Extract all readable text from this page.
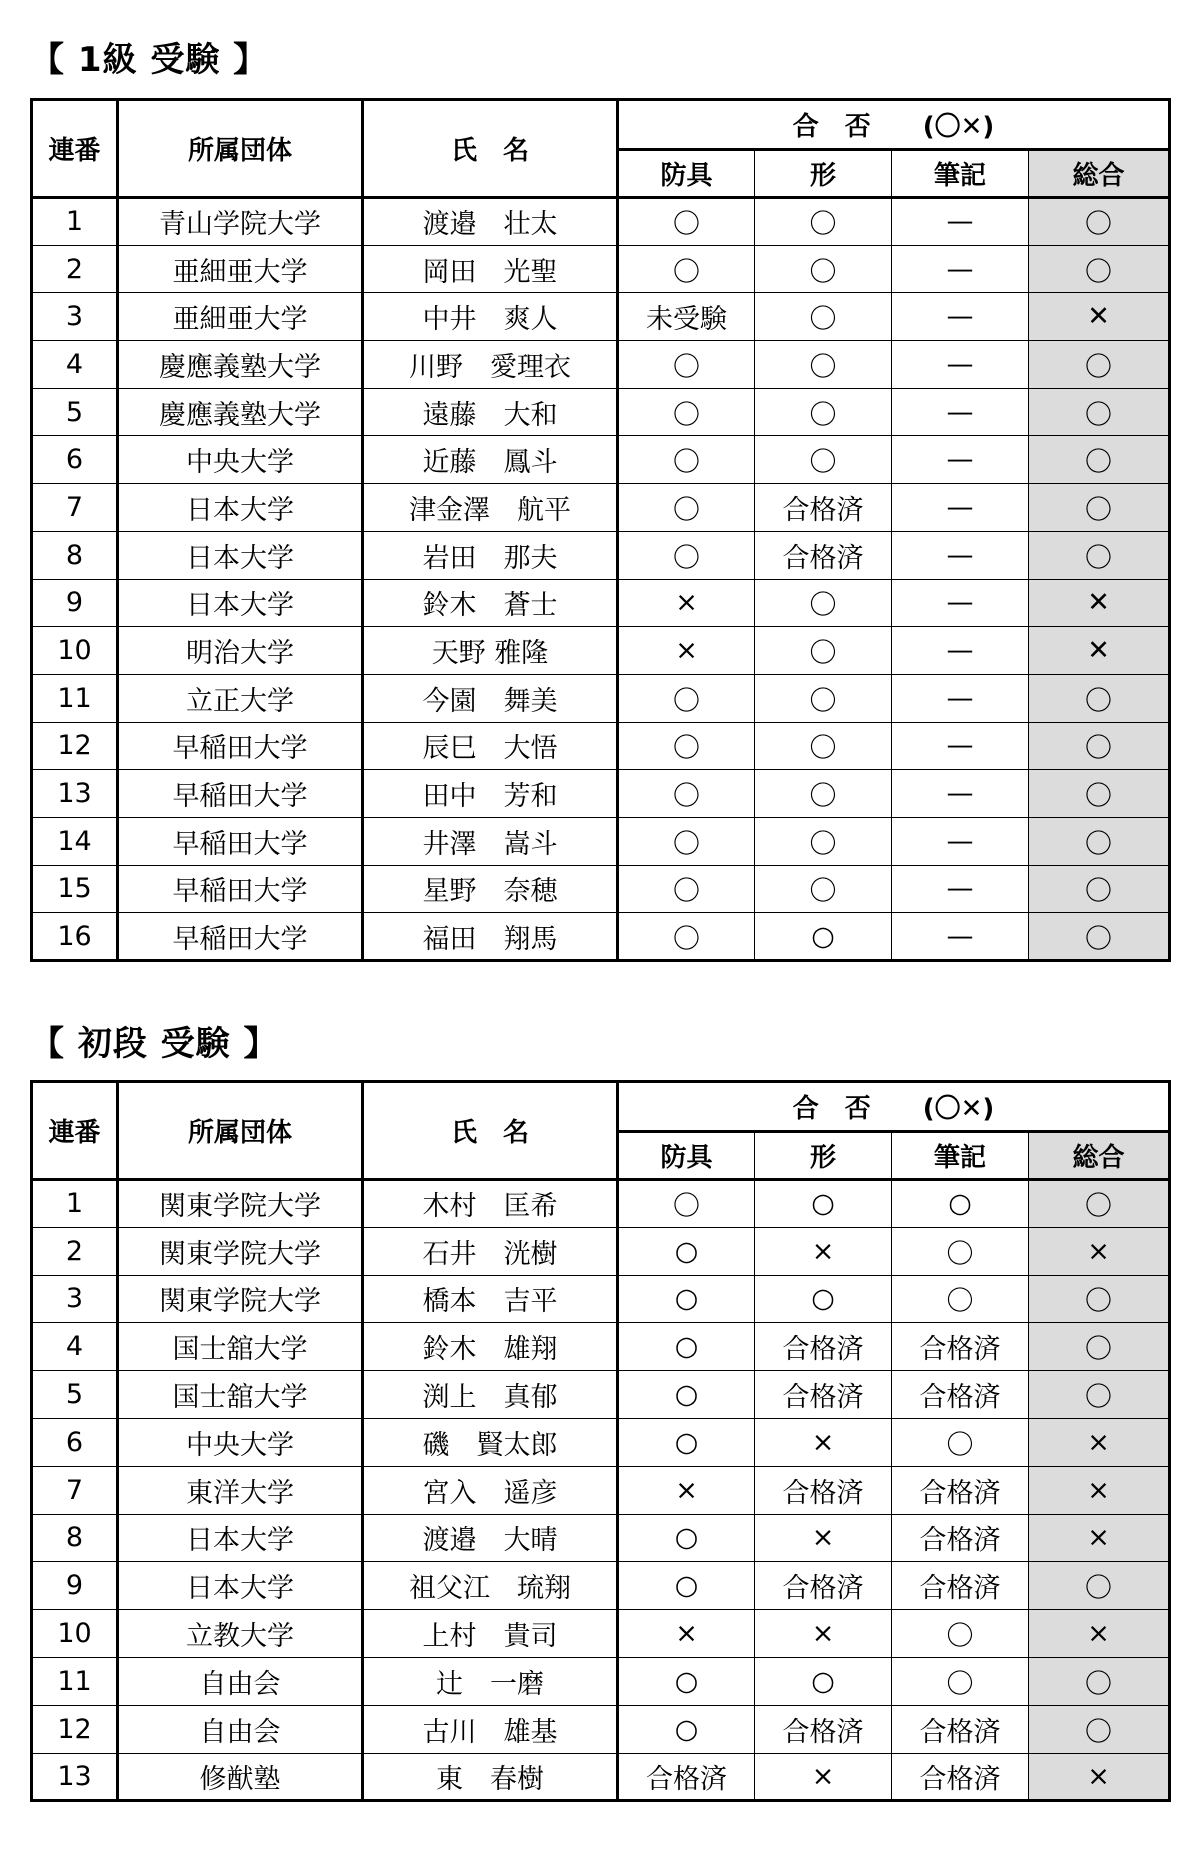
【 1級 受験 】
連番	所属団体	氏　名	合　否　　(〇✕)			
			防具	形	筆記	総合
1	青山学院大学	渡邉　壮太	〇	〇	—	〇
2	亜細亜大学	岡田　光聖	〇	〇	—	〇
3	亜細亜大学	中井　爽人	未受験	〇	—	✕
4	慶應義塾大学	川野　愛理衣	〇	〇	—	〇
5	慶應義塾大学	遠藤　大和	〇	〇	—	〇
6	中央大学	近藤　鳳斗	〇	〇	—	〇
7	日本大学	津金澤　航平	〇	合格済	—	〇
8	日本大学	岩田　那夫	〇	合格済	—	〇
9	日本大学	鈴木　蒼士	×	〇	—	✕
10	明治大学	天野 雅隆	×	〇	—	✕
11	立正大学	今園　舞美	〇	〇	—	〇
12	早稲田大学	辰巳　大悟	〇	〇	—	〇
13	早稲田大学	田中　芳和	〇	〇	—	〇
14	早稲田大学	井澤　嵩斗	〇	〇	—	〇
15	早稲田大学	星野　奈穂	〇	〇	—	〇
16	早稲田大学	福田　翔馬	〇	○	—	〇
【 初段 受験 】
連番	所属団体	氏　名	合　否　　(〇✕)			
			防具	形	筆記	総合
1	関東学院大学	木村　匡希	〇	○	○	〇
2	関東学院大学	石井　洸樹	○	×	〇	×
3	関東学院大学	橋本　吉平	○	○	〇	〇
4	国士舘大学	鈴木　雄翔	○	合格済	合格済	〇
5	国士舘大学	渕上　真郁	○	合格済	合格済	〇
6	中央大学	磯　賢太郎	○	×	〇	×
7	東洋大学	宮入　遥彦	×	合格済	合格済	×
8	日本大学	渡邉　大晴	○	×	合格済	×
9	日本大学	祖父江　琉翔	○	合格済	合格済	〇
10	立教大学	上村　貴司	×	×	〇	×
11	自由会	辻　一磨	○	○	〇	〇
12	自由会	古川　雄基	○	合格済	合格済	〇
13	修猷塾	東　春樹	合格済	×	合格済	×
